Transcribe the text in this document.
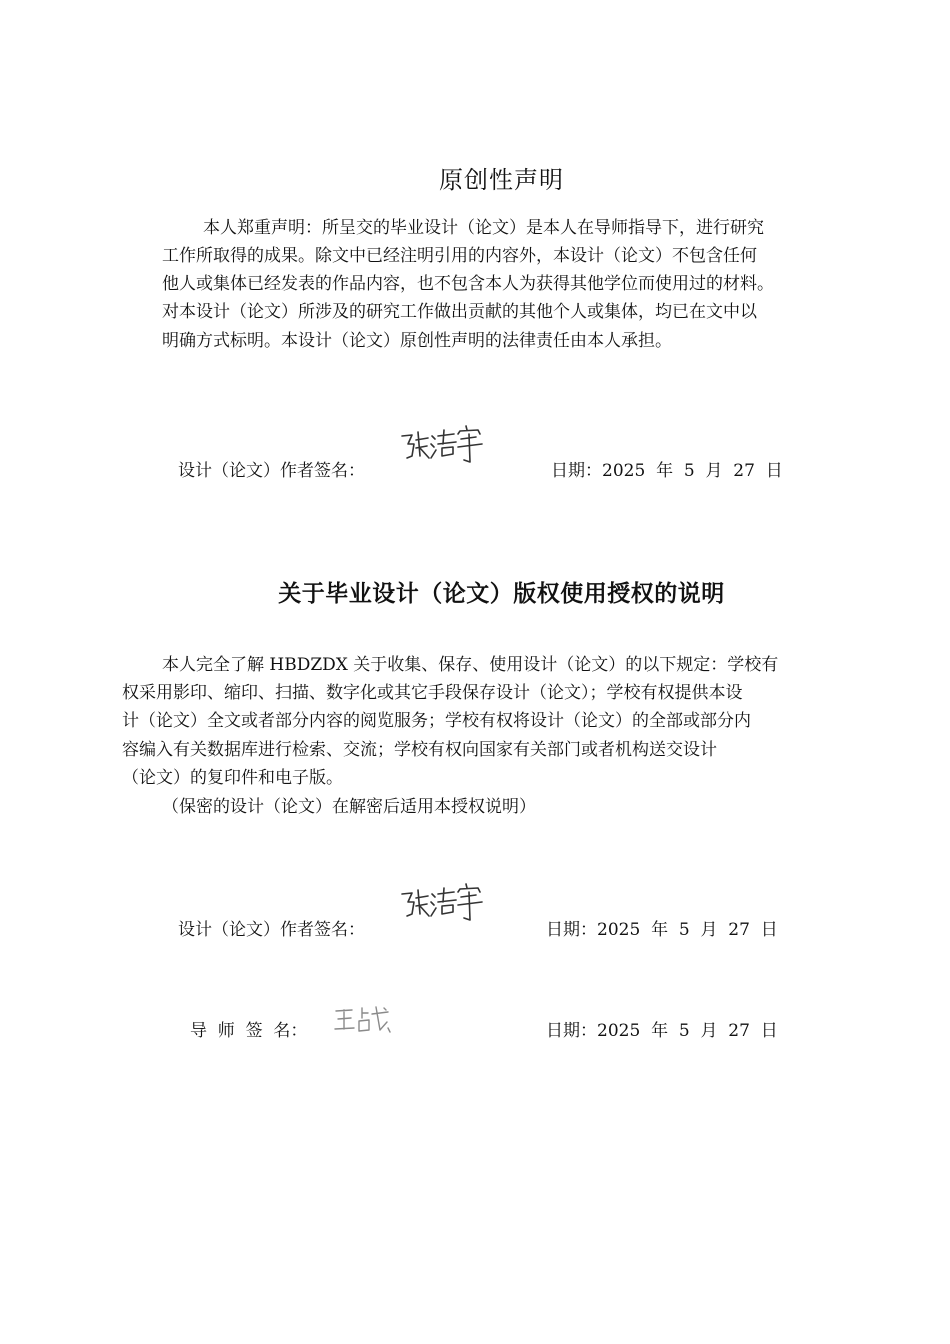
原创性声明
本人郑重声明：所呈交的毕业设计（论文）是本人在导师指导下，进行研究
工作所取得的成果。除文中已经注明引用的内容外，本设计（论文）不包含任何
他人或集体已经发表的作品内容，也不包含本人为获得其他学位而使用过的材料。
对本设计（论文）所涉及的研究工作做出贡献的其他个人或集体，均已在文中以
明确方式标明。本设计（论文）原创性声明的法律责任由本人承担。
设计（论文）作者签名：	日期：2025  年  5  月  27  日
关于毕业设计（论文）版权使用授权的说明
本人完全了解 HBDZDX 关于收集、保存、使用设计（论文）的以下规定：学校有
权采用影印、缩印、扫描、数字化或其它手段保存设计（论文）；学校有权提供本设
计（论文）全文或者部分内容的阅览服务；学校有权将设计（论文）的全部或部分内
容编入有关数据库进行检索、交流；学校有权向国家有关部门或者机构送交设计
（论文）的复印件和电子版。
（保密的设计（论文）在解密后适用本授权说明）
设计（论文）作者签名：	日期：2025  年  5  月  27  日
导  师  签  名：	日期：2025  年  5  月  27  日
